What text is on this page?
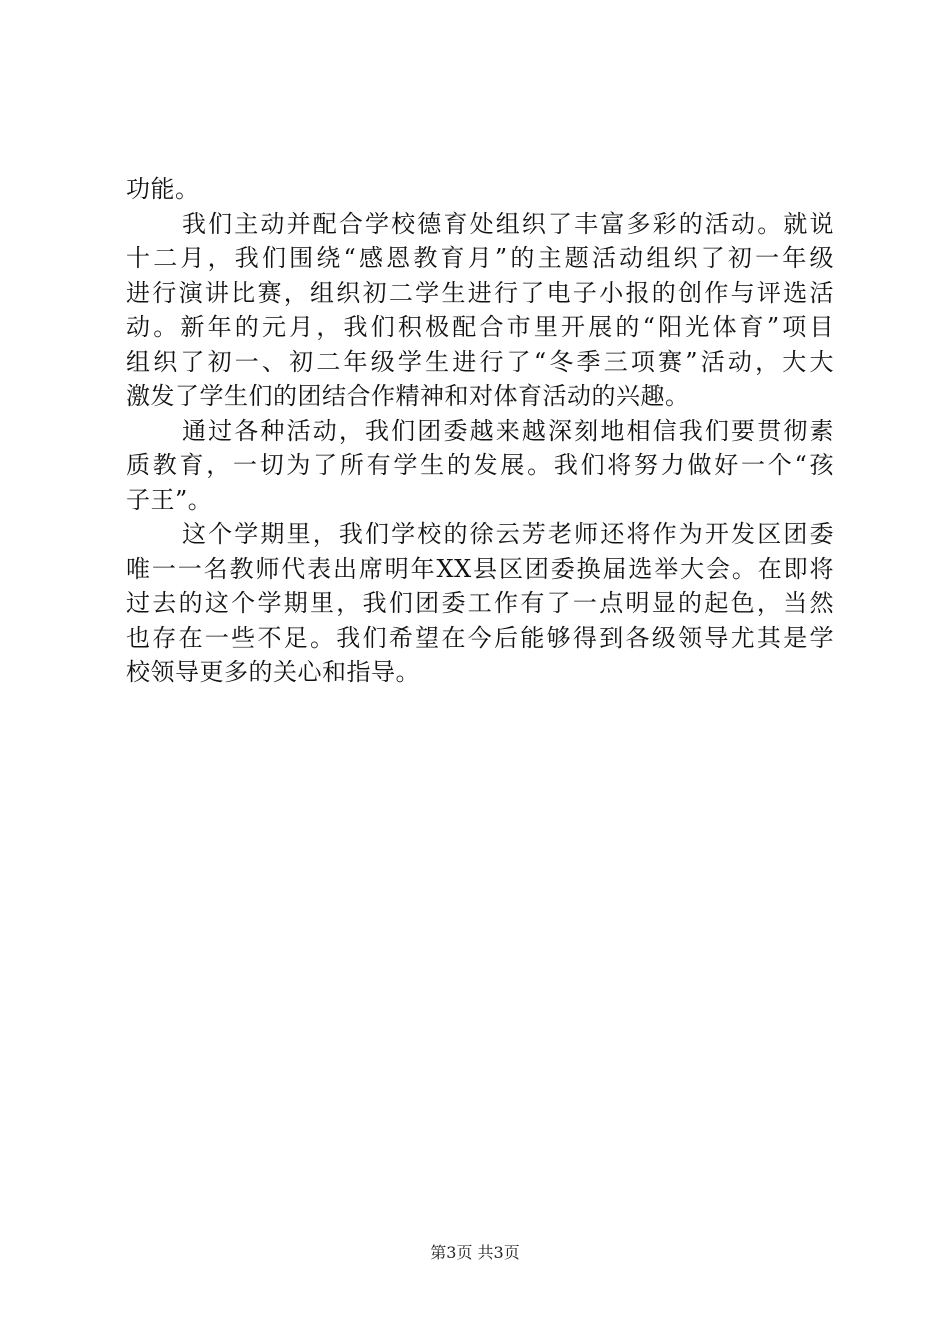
功能。
我们主动并配合学校德育处组织了丰富多彩的活动。就说
十二月，我们围绕“感恩教育月”的主题活动组织了初一年级
进行演讲比赛，组织初二学生进行了电子小报的创作与评选活
动。新年的元月，我们积极配合市里开展的“阳光体育”项目
组织了初一、初二年级学生进行了“冬季三项赛”活动，大大
激发了学生们的团结合作精神和对体育活动的兴趣。
通过各种活动，我们团委越来越深刻地相信我们要贯彻素
质教育，一切为了所有学生的发展。我们将努力做好一个“孩
子王”。
这个学期里，我们学校的徐云芳老师还将作为开发区团委
唯一一名教师代表出席明年XX县区团委换届选举大会。在即将
过去的这个学期里，我们团委工作有了一点明显的起色，当然
也存在一些不足。我们希望在今后能够得到各级领导尤其是学
校领导更多的关心和指导。
第3页 共3页
